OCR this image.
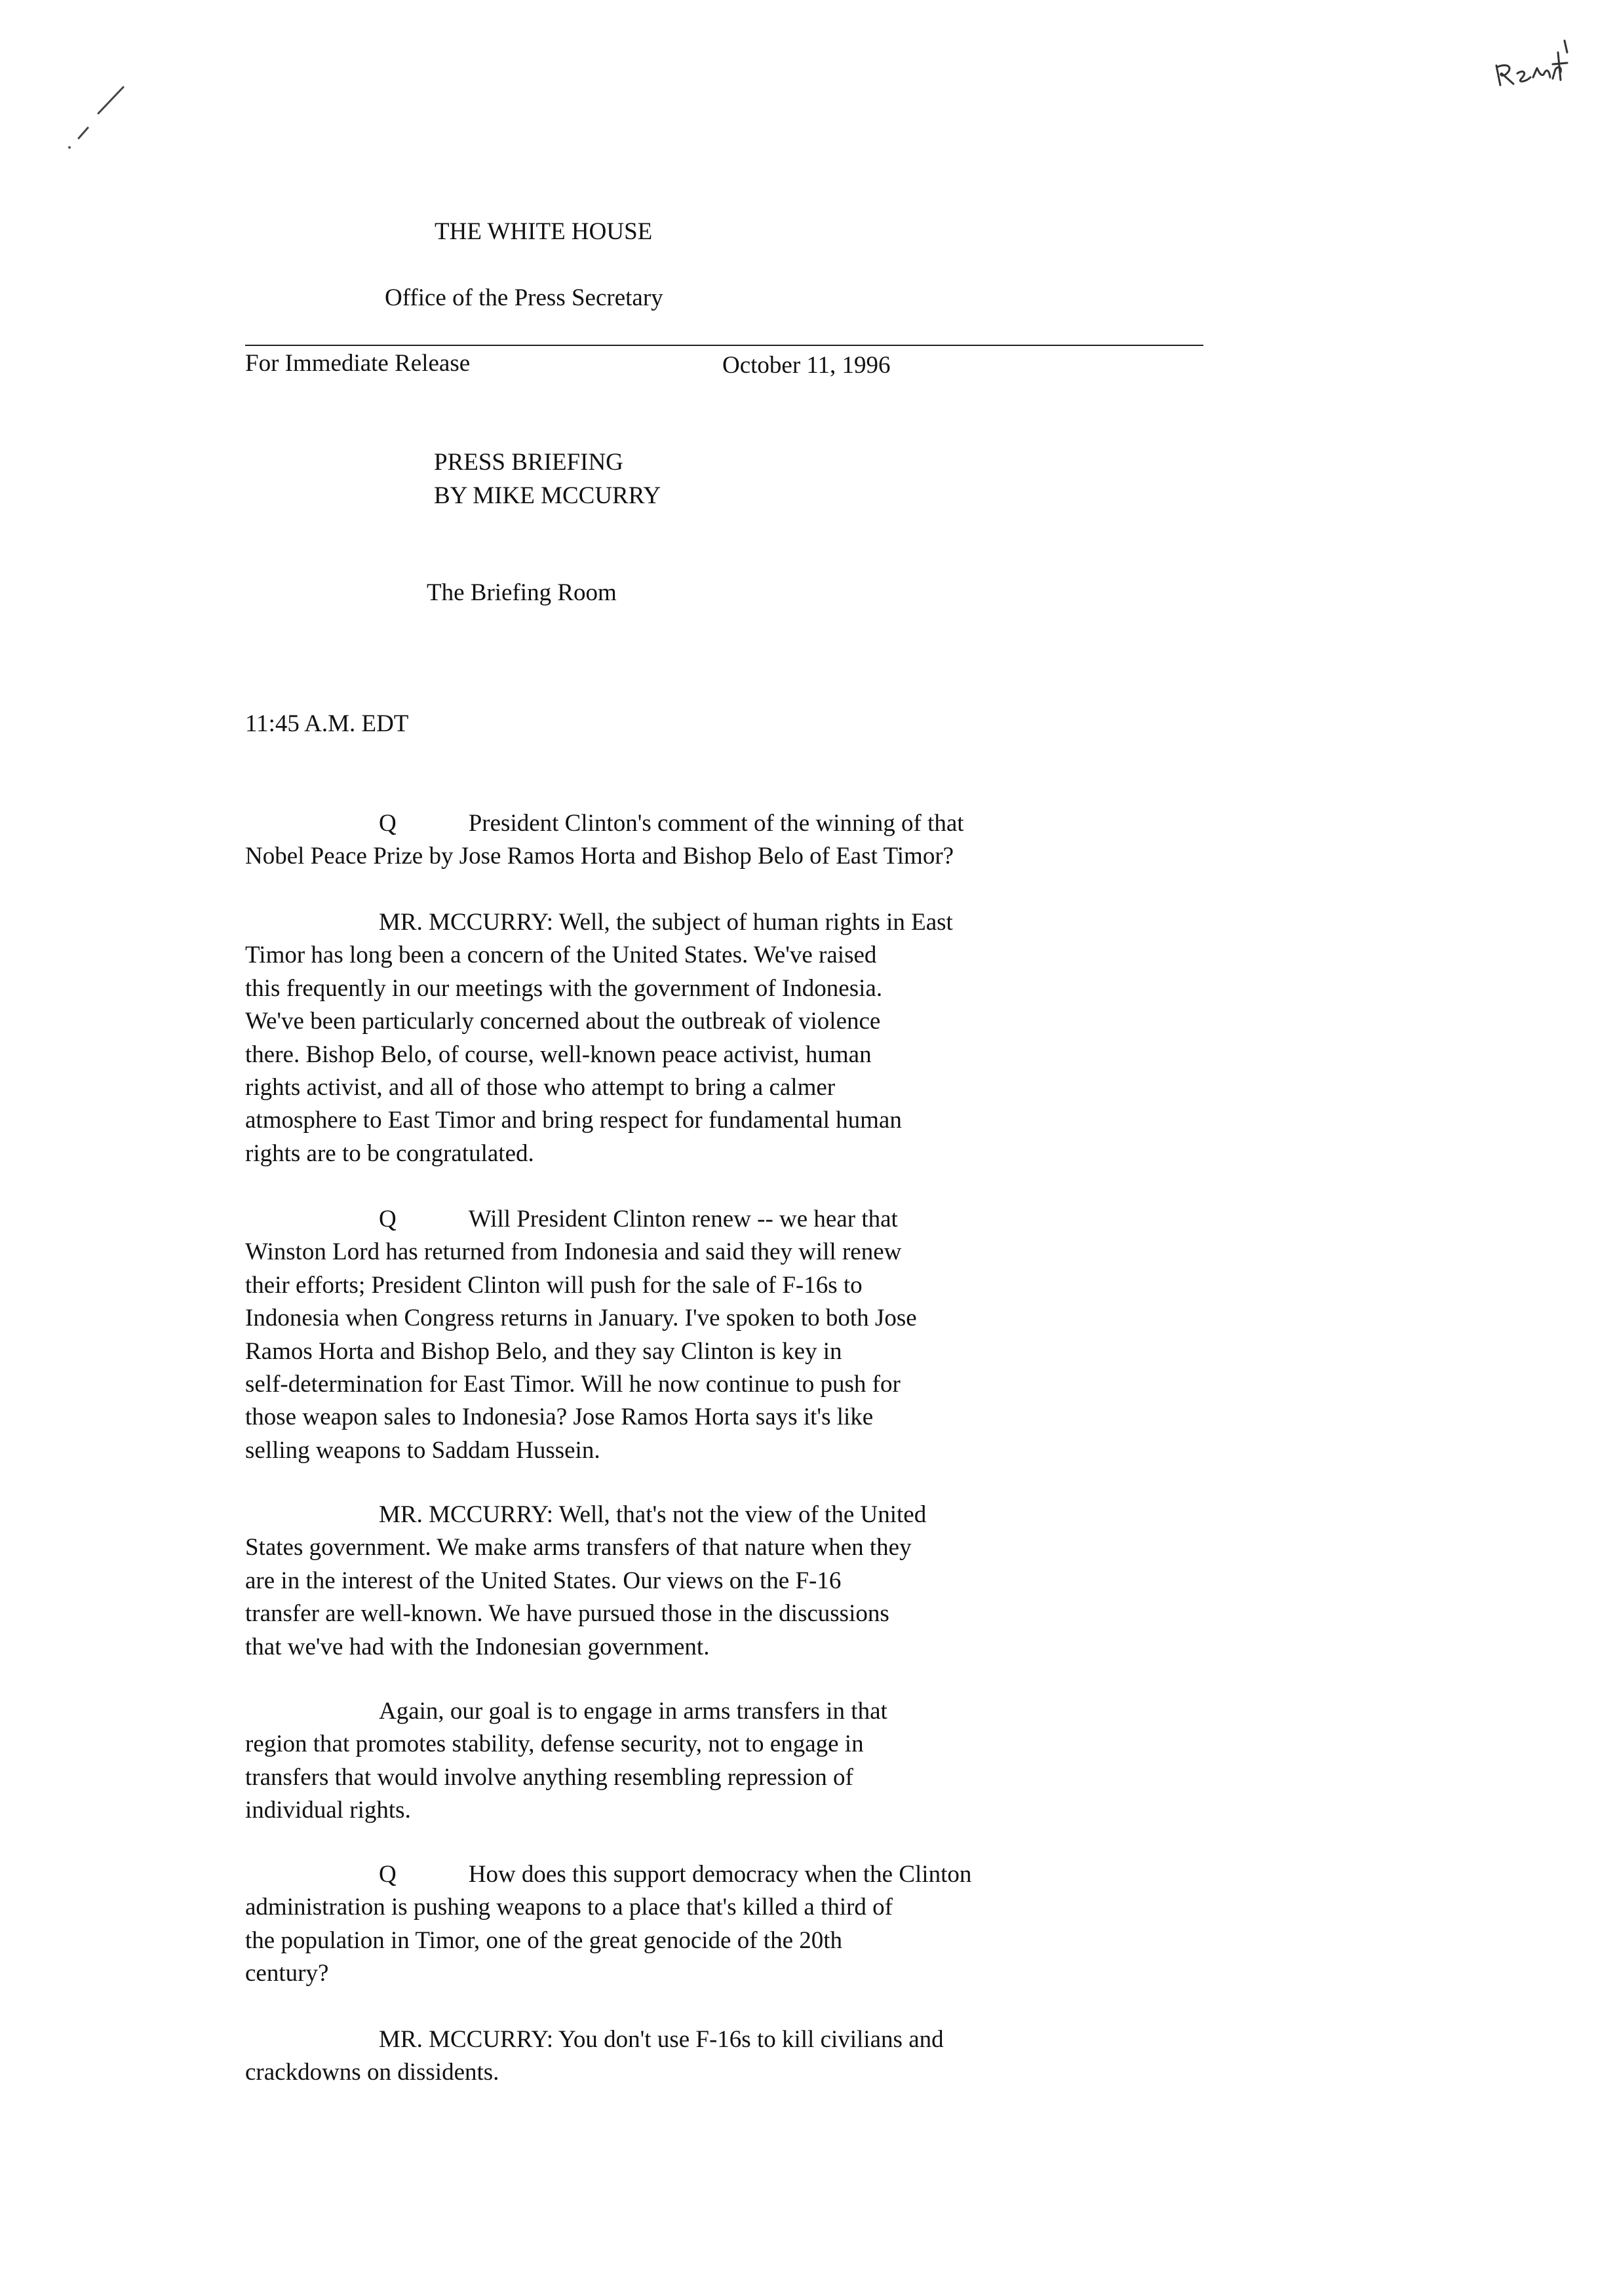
THE WHITE HOUSE
Office of the Press Secretary
For Immediate Release	October 11, 1996
PRESS BRIEFING
BY MIKE MCCURRY
The Briefing Room
11:45 A.M. EDT
Q	President Clinton's comment of the winning of that
Nobel Peace Prize by Jose Ramos Horta and Bishop Belo of East Timor?
MR. MCCURRY: Well, the subject of human rights in East
Timor has long been a concern of the United States. We've raised
this frequently in our meetings with the government of Indonesia.
We've been particularly concerned about the outbreak of violence
there. Bishop Belo, of course, well-known peace activist, human
rights activist, and all of those who attempt to bring a calmer
atmosphere to East Timor and bring respect for fundamental human
rights are to be congratulated.
Q	Will President Clinton renew -- we hear that
Winston Lord has returned from Indonesia and said they will renew
their efforts; President Clinton will push for the sale of F-16s to
Indonesia when Congress returns in January. I've spoken to both Jose
Ramos Horta and Bishop Belo, and they say Clinton is key in
self-determination for East Timor. Will he now continue to push for
those weapon sales to Indonesia? Jose Ramos Horta says it's like
selling weapons to Saddam Hussein.
MR. MCCURRY: Well, that's not the view of the United
States government. We make arms transfers of that nature when they
are in the interest of the United States. Our views on the F-16
transfer are well-known. We have pursued those in the discussions
that we've had with the Indonesian government.
Again, our goal is to engage in arms transfers in that
region that promotes stability, defense security, not to engage in
transfers that would involve anything resembling repression of
individual rights.
Q	How does this support democracy when the Clinton
administration is pushing weapons to a place that's killed a third of
the population in Timor, one of the great genocide of the 20th
century?
MR. MCCURRY: You don't use F-16s to kill civilians and
crackdowns on dissidents.
